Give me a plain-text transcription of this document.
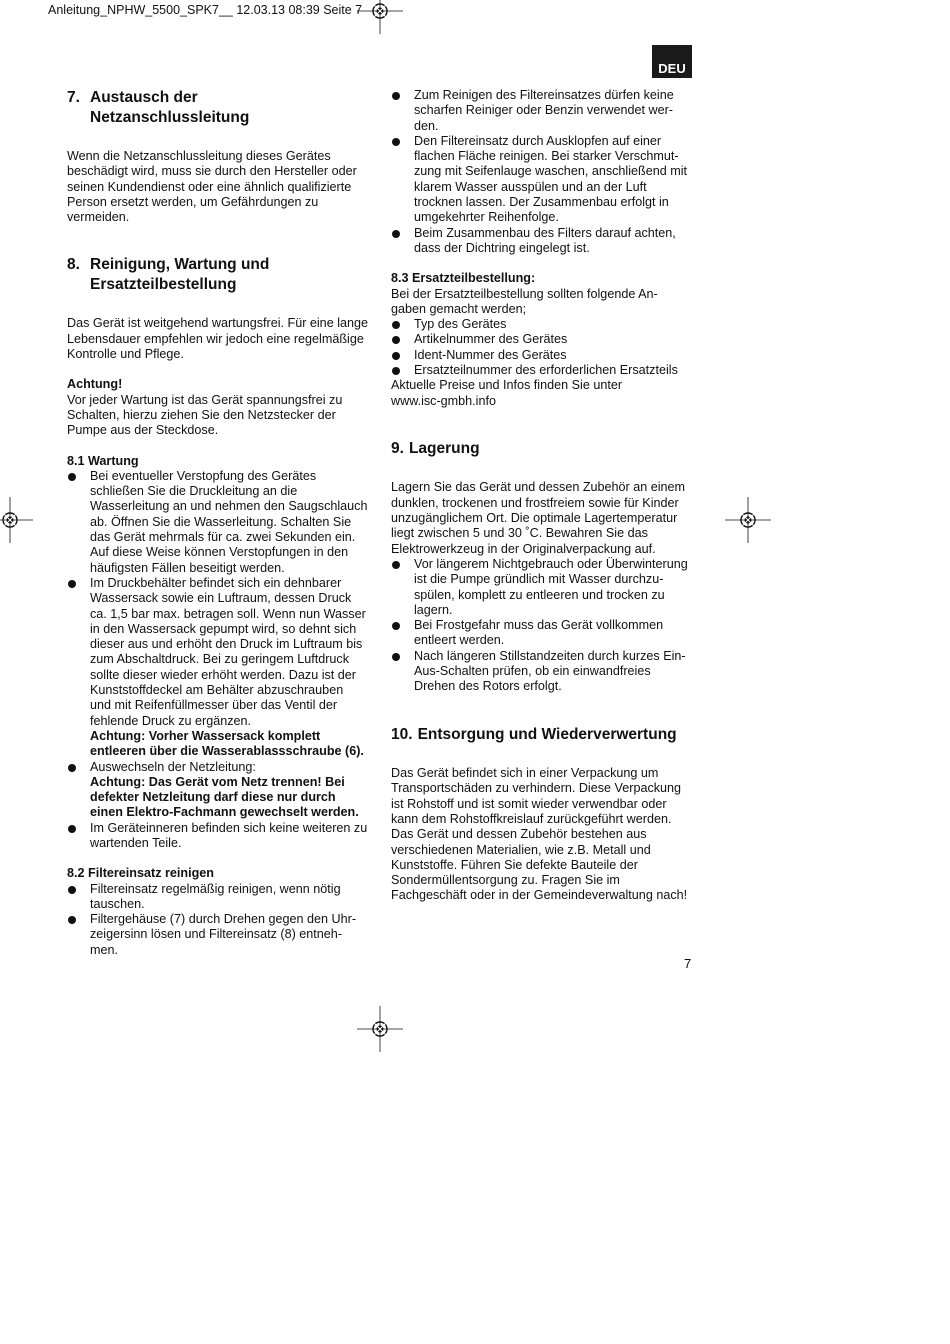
Anleitung_NPHW_5500_SPK7__ 12.03.13 08:39 Seite 7
DEU
7. Austausch der
Netzanschlussleitung

Wenn die Netzanschlussleitung dieses Gerätes
beschädigt wird, muss sie durch den Hersteller oder
seinen Kundendienst oder eine ähnlich qualifizierte
Person ersetzt werden, um Gefährdungen zu
vermeiden.

8. Reinigung, Wartung und
Ersatzteilbestellung

Das Gerät ist weitgehend wartungsfrei. Für eine lange
Lebensdauer empfehlen wir jedoch eine regelmäßige
Kontrolle und Pflege.

Achtung!

Vor jeder Wartung ist das Gerät spannungsfrei zu
Schalten, hierzu ziehen Sie den Netzstecker der
Pumpe aus der Steckdose.

8.1 Wartung

Bei eventueller Verstopfung des Gerätes
schließen Sie die Druckleitung an die
Wasserleitung an und nehmen den Saugschlauch
ab. Öffnen Sie die Wasserleitung. Schalten Sie
das Gerät mehrmals für ca. zwei Sekunden ein.
Auf diese Weise können Verstopfungen in den
häufigsten Fällen beseitigt werden.
Im Druckbehälter befindet sich ein dehnbarer
Wassersack sowie ein Luftraum, dessen Druck
ca. 1,5 bar max. betragen soll. Wenn nun Wasser
in den Wassersack gepumpt wird, so dehnt sich
dieser aus und erhöht den Druck im Luftraum bis
zum Abschaltdruck. Bei zu geringem Luftdruck
sollte dieser wieder erhöht werden. Dazu ist der
Kunststoffdeckel am Behälter abzuschrauben
und mit Reifenfüllmesser über das Ventil der
fehlende Druck zu ergänzen.
Achtung: Vorher Wassersack komplett
entleeren über die Wasserablassschraube (6).
Auswechseln der Netzleitung:
Achtung: Das Gerät vom Netz trennen! Bei
defekter Netzleitung darf diese nur durch
einen Elektro-Fachmann gewechselt werden.
Im Geräteinneren befinden sich keine weiteren zu
wartenden Teile.

8.2 Filtereinsatz reinigen

Filtereinsatz regelmäßig reinigen, wenn nötig
tauschen.
Filtergehäuse (7) durch Drehen gegen den Uhr-
zeigersinn lösen und Filtereinsatz (8) entneh-
men.
Zum Reinigen des Filtereinsatzes dürfen keine
scharfen Reiniger oder Benzin verwendet wer-
den.
Den Filtereinsatz durch Ausklopfen auf einer
flachen Fläche reinigen. Bei starker Verschmut-
zung mit Seifenlauge waschen, anschließend mit
klarem Wasser ausspülen und an der Luft
trocknen lassen. Der Zusammenbau erfolgt in
umgekehrter Reihenfolge.
Beim Zusammenbau des Filters darauf achten,
dass der Dichtring eingelegt ist.

8.3 Ersatzteilbestellung:

Bei der Ersatzteilbestellung sollten folgende An-
gaben gemacht werden;

Typ des Gerätes
Artikelnummer des Gerätes
Ident-Nummer des Gerätes
Ersatzteilnummer des erforderlichen Ersatzteils

Aktuelle Preise und Infos finden Sie unter
www.isc-gmbh.info

9. Lagerung

Lagern Sie das Gerät und dessen Zubehör an einem
dunklen, trockenen und frostfreiem sowie für Kinder
unzugänglichem Ort. Die optimale Lagertemperatur
liegt zwischen 5 und 30 ˚C. Bewahren Sie das
Elektrowerkzeug in der Originalverpackung auf.

Vor längerem Nichtgebrauch oder Überwinterung
ist die Pumpe gründlich mit Wasser durchzu-
spülen, komplett zu entleeren und trocken zu
lagern.
Bei Frostgefahr muss das Gerät vollkommen
entleert werden.
Nach längeren Stillstandzeiten durch kurzes Ein-
Aus-Schalten prüfen, ob ein einwandfreies
Drehen des Rotors erfolgt.
10. Entsorgung und Wiederverwertung

Das Gerät befindet sich in einer Verpackung um
Transportschäden zu verhindern. Diese Verpackung
ist Rohstoff und ist somit wieder verwendbar oder
kann dem Rohstoffkreislauf zurückgeführt werden.
Das Gerät und dessen Zubehör bestehen aus
verschiedenen Materialien, wie z.B. Metall und
Kunststoffe. Führen Sie defekte Bauteile der
Sondermüllentsorgung zu. Fragen Sie im
Fachgeschäft oder in der Gemeindeverwaltung nach!

7
